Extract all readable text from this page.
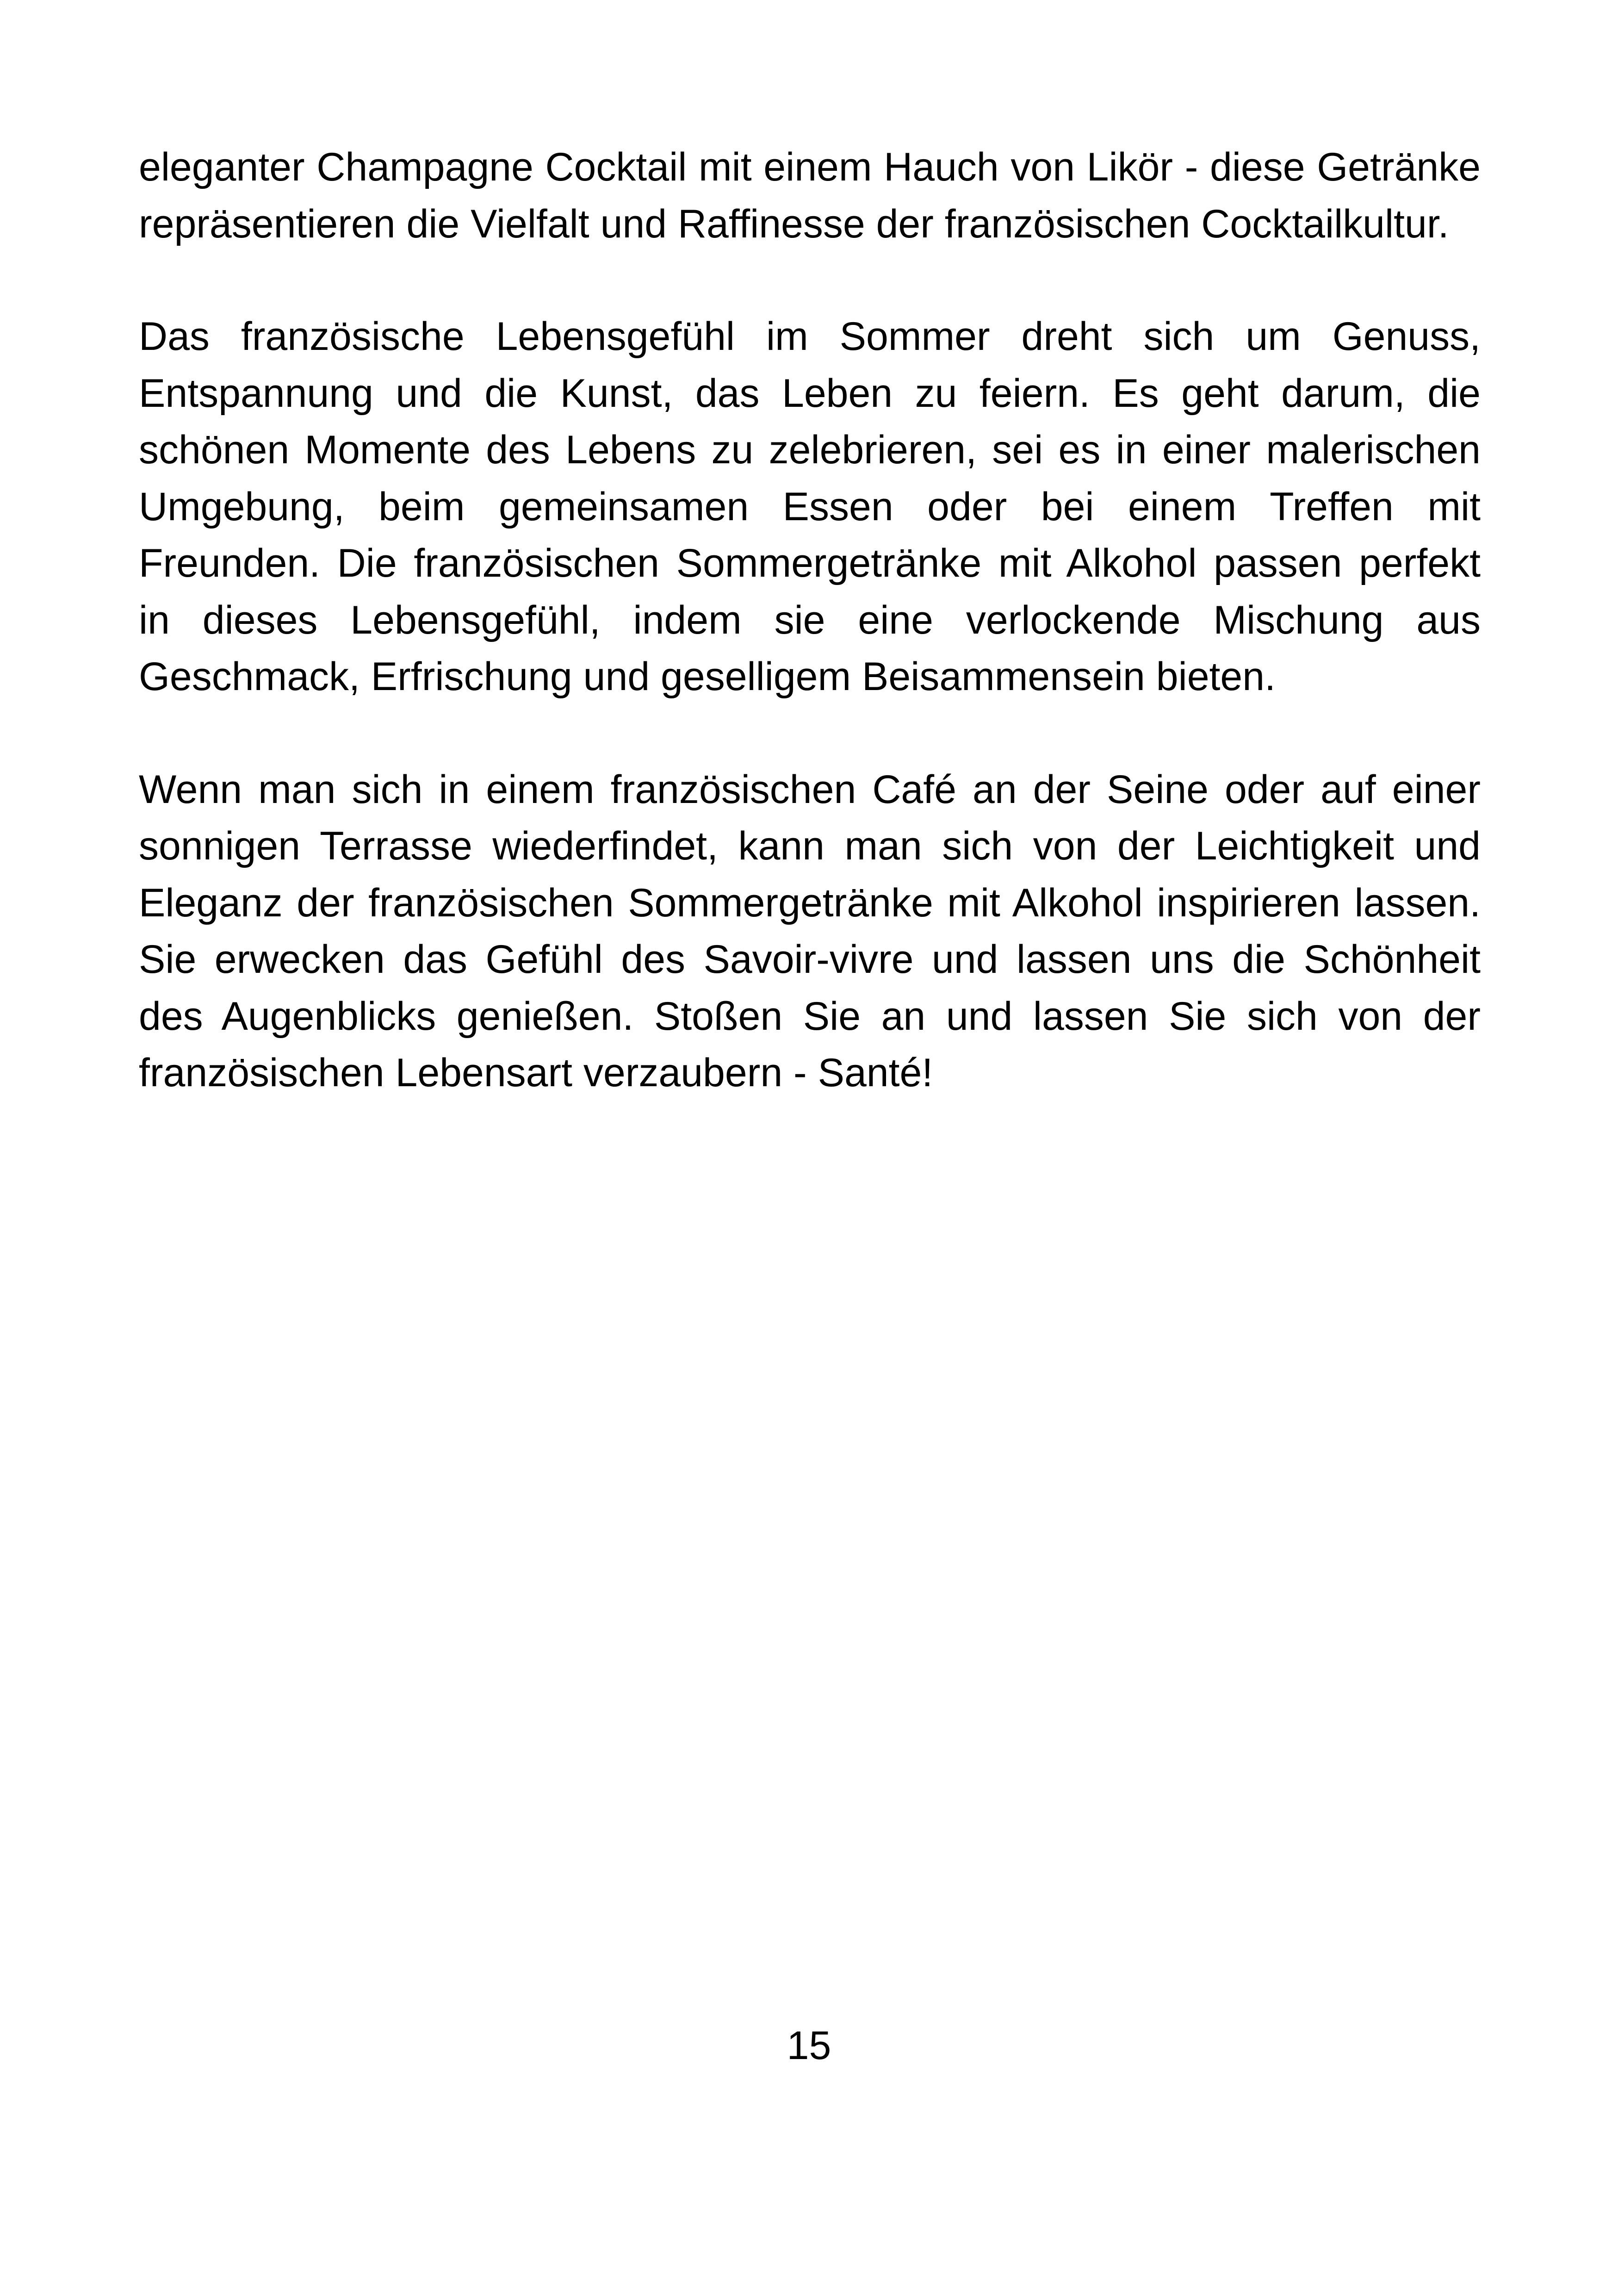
eleganter Champagne Cocktail mit einem Hauch von Likör - diese Getränke repräsentieren die Vielfalt und Raffinesse der französischen Cocktailkultur.

Das französische Lebensgefühl im Sommer dreht sich um Genuss, Entspannung und die Kunst, das Leben zu feiern. Es geht darum, die schönen Momente des Lebens zu zelebrieren, sei es in einer malerischen Umgebung, beim gemeinsamen Essen oder bei einem Treffen mit Freunden. Die französischen Sommergetränke mit Alkohol passen perfekt in dieses Lebensgefühl, indem sie eine verlockende Mischung aus Geschmack, Erfrischung und geselligem Beisammensein bieten.

Wenn man sich in einem französischen Café an der Seine oder auf einer sonnigen Terrasse wiederfindet, kann man sich von der Leichtigkeit und Eleganz der französischen Sommergetränke mit Alkohol inspirieren lassen. Sie erwecken das Gefühl des Savoir-vivre und lassen uns die Schönheit des Augenblicks genießen. Stoßen Sie an und lassen Sie sich von der französischen Lebensart verzaubern - Santé!

15
